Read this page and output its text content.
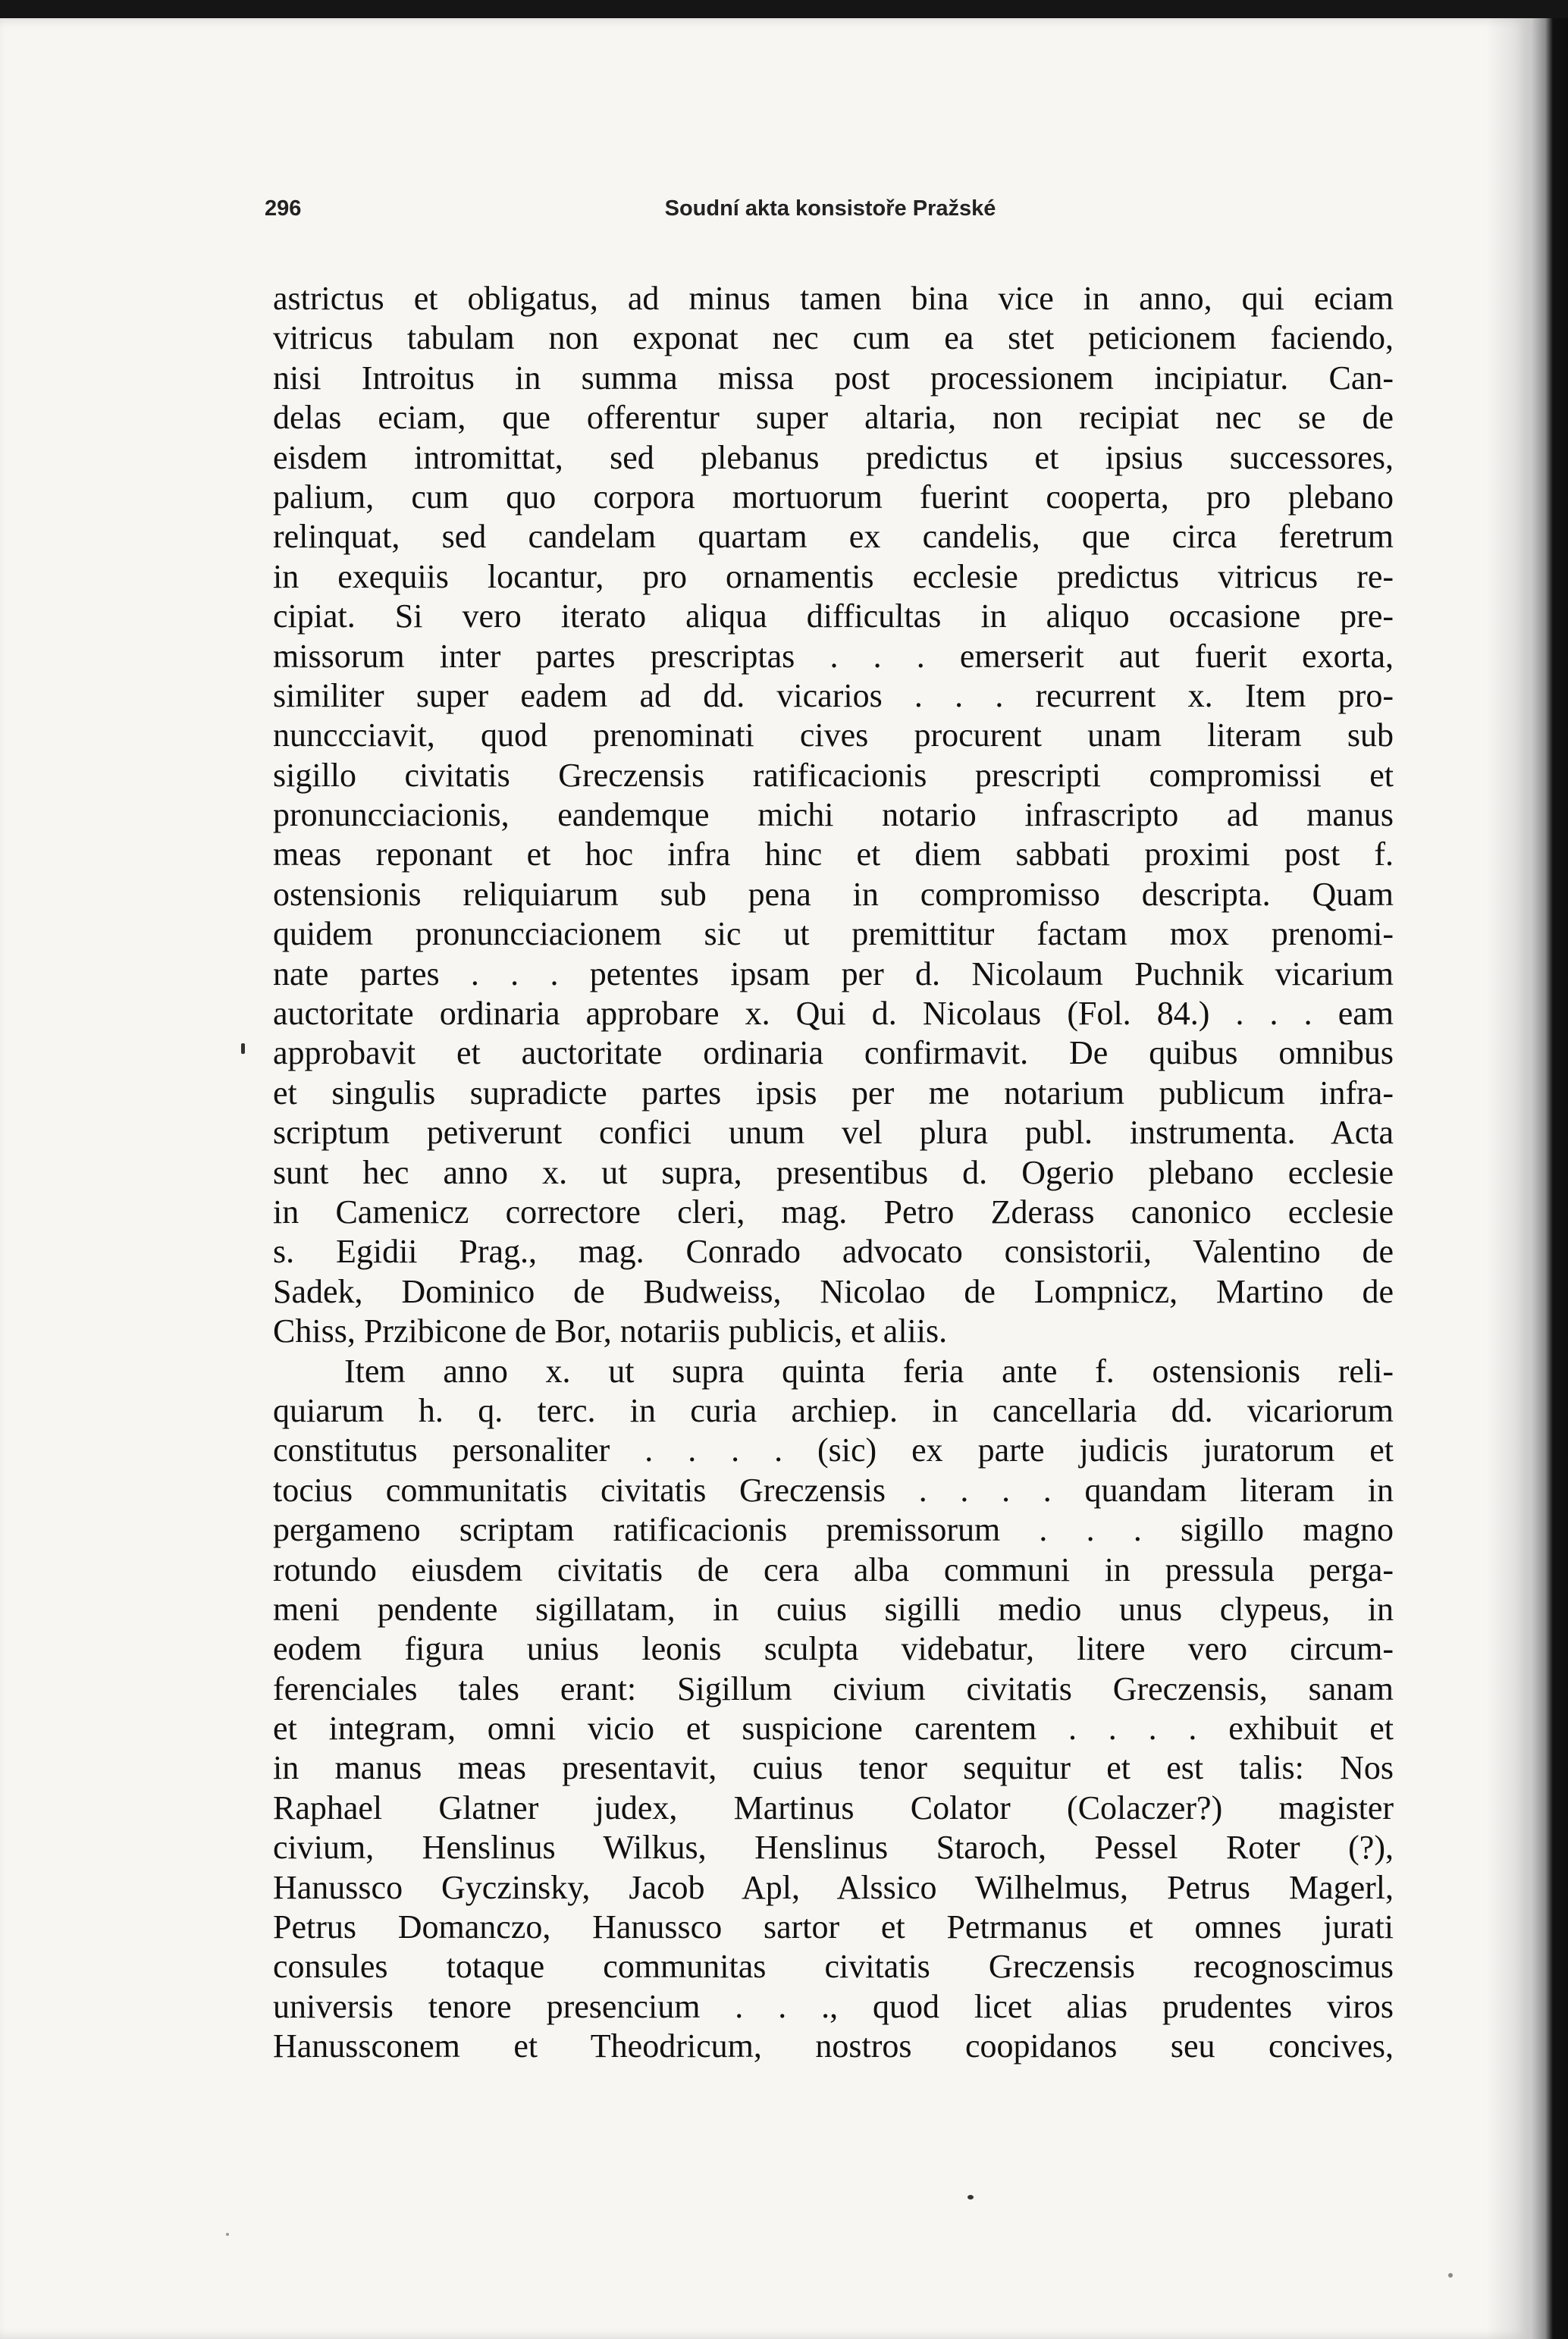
296	Soudní akta konsistoře Pražské
astrictus et obligatus, ad minus tamen bina vice in anno, qui eciam
vitricus tabulam non exponat nec cum ea stet peticionem faciendo,
nisi Introitus in summa missa post processionem incipiatur. Can-
delas eciam, que offerentur super altaria, non recipiat nec se de
eisdem intromittat, sed plebanus predictus et ipsius successores,
palium, cum quo corpora mortuorum fuerint cooperta, pro plebano
relinquat, sed candelam quartam ex candelis, que circa feretrum
in exequiis locantur, pro ornamentis ecclesie predictus vitricus re-
cipiat. Si vero iterato aliqua difficultas in aliquo occasione pre-
missorum inter partes prescriptas . . . emerserit aut fuerit exorta,
similiter super eadem ad dd. vicarios . . . recurrent x. Item pro-
nunccciavit, quod prenominati cives procurent unam literam sub
sigillo civitatis Greczensis ratificacionis prescripti compromissi et
pronuncciacionis, eandemque michi notario infrascripto ad manus
meas reponant et hoc infra hinc et diem sabbati proximi post f.
ostensionis reliquiarum sub pena in compromisso descripta. Quam
quidem pronuncciacionem sic ut premittitur factam mox prenomi-
nate partes . . . petentes ipsam per d. Nicolaum Puchnik vicarium
auctoritate ordinaria approbare x. Qui d. Nicolaus (Fol. 84.) . . . eam
approbavit et auctoritate ordinaria confirmavit. De quibus omnibus
et singulis supradicte partes ipsis per me notarium publicum infra-
scriptum petiverunt confici unum vel plura publ. instrumenta. Acta
sunt hec anno x. ut supra, presentibus d. Ogerio plebano ecclesie
in Camenicz correctore cleri, mag. Petro Zderass canonico ecclesie
s. Egidii Prag., mag. Conrado advocato consistorii, Valentino de
Sadek, Dominico de Budweiss, Nicolao de Lompnicz, Martino de
Chiss, Przibicone de Bor, notariis publicis, et aliis.
Item anno x. ut supra quinta feria ante f. ostensionis reli-
quiarum h. q. terc. in curia archiep. in cancellaria dd. vicariorum
constitutus personaliter . . . . (sic) ex parte judicis juratorum et
tocius communitatis civitatis Greczensis . . . . quandam literam in
pergameno scriptam ratificacionis premissorum . . . sigillo magno
rotundo eiusdem civitatis de cera alba communi in pressula perga-
meni pendente sigillatam, in cuius sigilli medio unus clypeus, in
eodem figura unius leonis sculpta videbatur, litere vero circum-
ferenciales tales erant: Sigillum civium civitatis Greczensis, sanam
et integram, omni vicio et suspicione carentem . . . . exhibuit et
in manus meas presentavit, cuius tenor sequitur et est talis: Nos
Raphael Glatner judex, Martinus Colator (Colaczer?) magister
civium, Henslinus Wilkus, Henslinus Staroch, Pessel Roter (?),
Hanussco Gyczinsky, Jacob Apl, Alssico Wilhelmus, Petrus Magerl,
Petrus Domanczo, Hanussco sartor et Petrmanus et omnes jurati
consules totaque communitas civitatis Greczensis recognoscimus
universis tenore presencium . . ., quod licet alias prudentes viros
Hanussconem et Theodricum, nostros coopidanos seu concives,
